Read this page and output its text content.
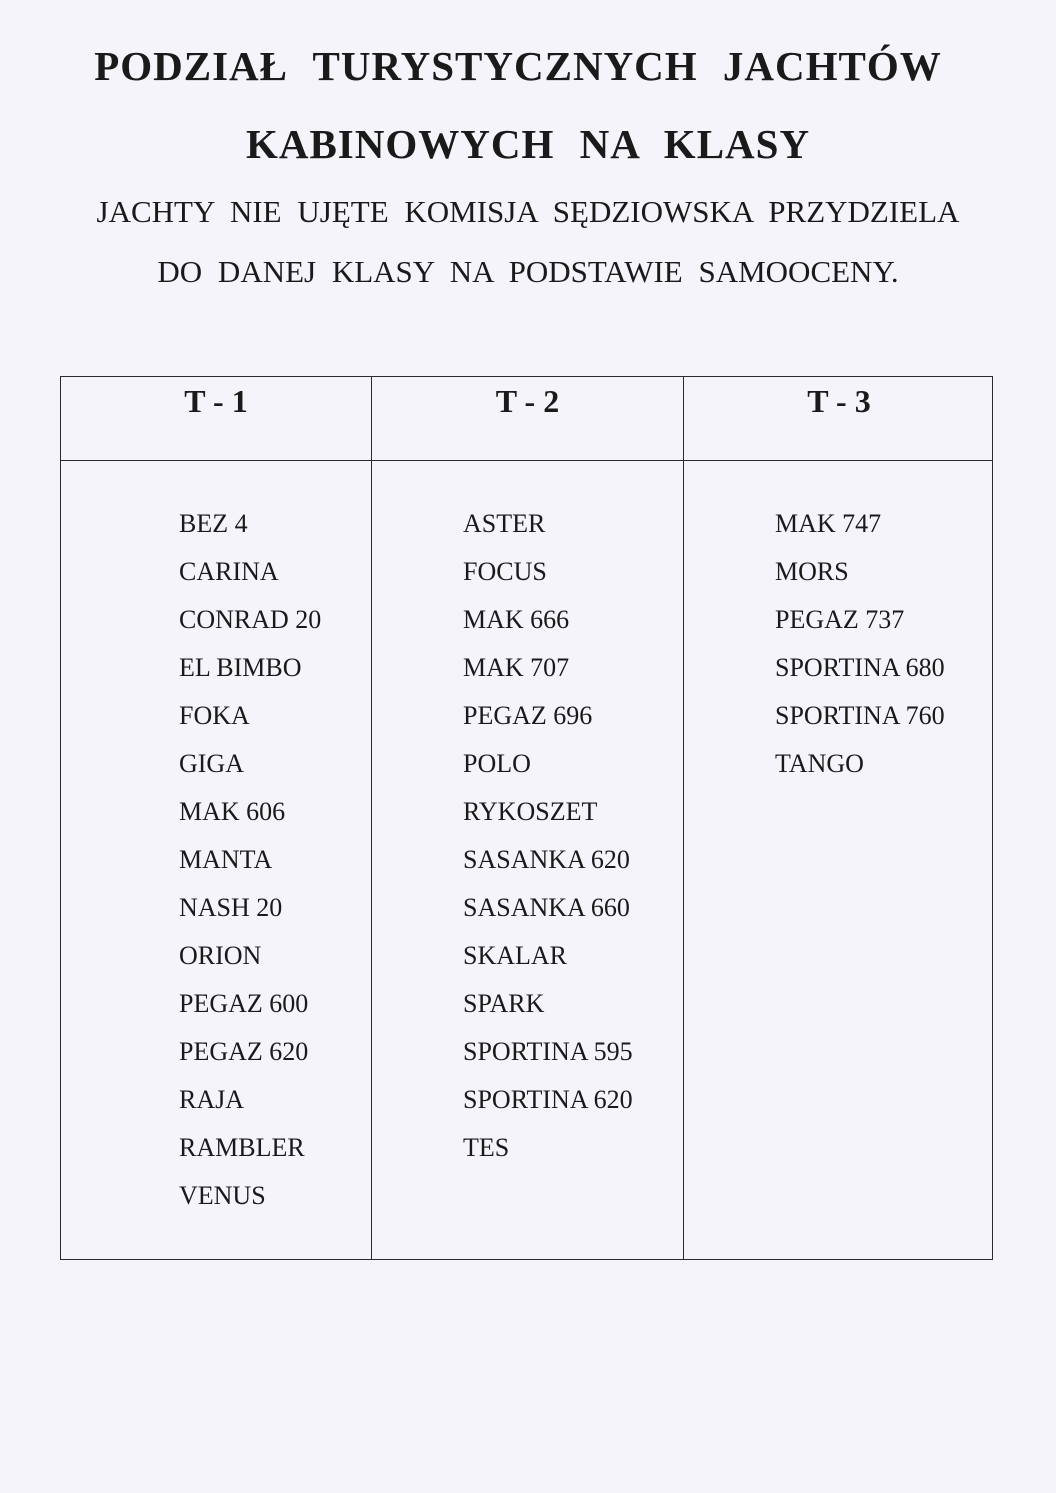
PODZIAŁ TURYSTYCZNYCH JACHTÓW
KABINOWYCH NA KLASY

JACHTY NIE UJĘTE KOMISJA SĘDZIOWSKA PRZYDZIELA

DO DANEJ KLASY NA PODSTAWIE SAMOOCENY.

T - 1	T - 2	T - 3
BEZ 4
CARINA
CONRAD 20
EL BIMBO
FOKA
GIGA
MAK 606
MANTA
NASH 20
ORION
PEGAZ 600
PEGAZ 620
RAJA
RAMBLER
VENUS
ASTER
FOCUS
MAK 666
MAK 707
PEGAZ 696
POLO
RYKOSZET
SASANKA 620
SASANKA 660
SKALAR
SPARK
SPORTINA 595
SPORTINA 620
TES
MAK 747
MORS
PEGAZ 737
SPORTINA 680
SPORTINA 760
TANGO
